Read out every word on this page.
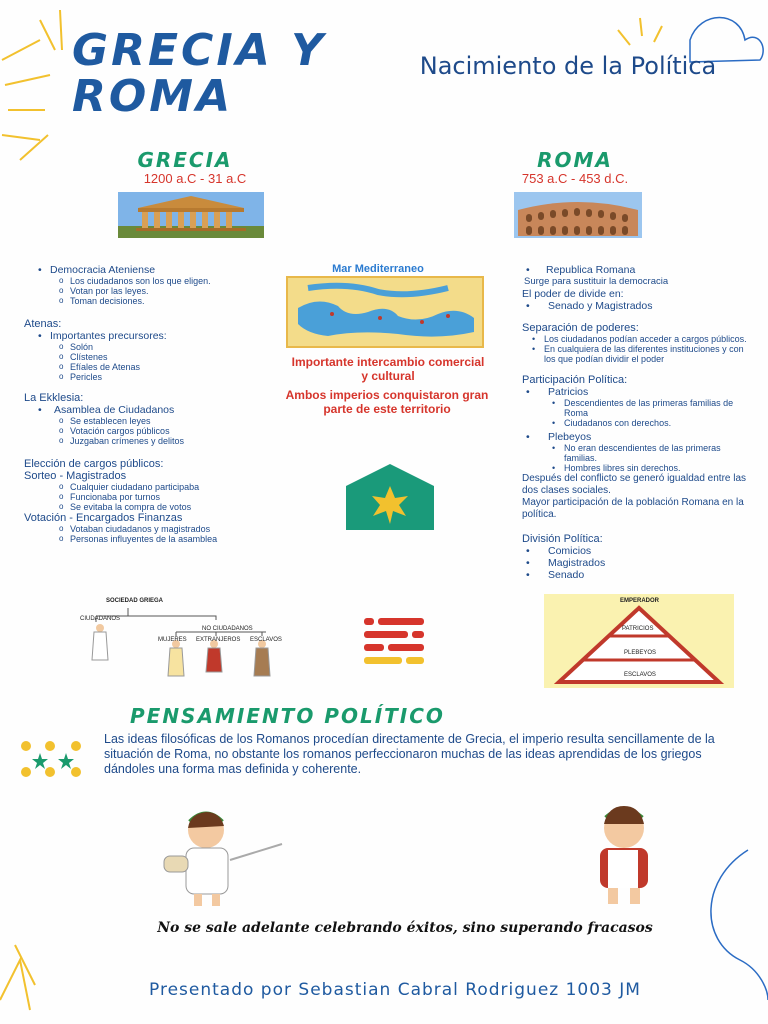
GRECIA Y ROMA
Nacimiento de la Política
GRECIA
1200 a.C - 31 a.C
ROMA
753 a.C - 453 d.C.
• Democracia Ateniense
o Los ciudadanos son los que eligen.
o Votan por las leyes.
o Toman decisiones.
Atenas:
• Importantes precursores:
o Solón
o Clístenes
o Efíales de Atenas
o Pericles
La Ekklesia:
• Asamblea de Ciudadanos
o Se establecen leyes
o Votación cargos públicos
o Juzgaban crímenes y delitos
Elección de cargos públicos:
Sorteo - Magistrados
o Cualquier ciudadano participaba
o Funcionaba por turnos
o Se evitaba la compra de votos
Votación - Encargados Finanzas
o Votaban ciudadanos y magistrados
o Personas influyentes de la asamblea
Mar Mediterraneo
Importante intercambio comercial y cultural
Ambos imperios conquistaron gran parte de este territorio
• Republica Romana
Surge para sustituir la democracia
El poder de divide en:
• Senado y Magistrados
Separación de poderes:
• Los ciudadanos podían acceder a cargos públicos.
• En cualquiera de las diferentes instituciones y con los que podían dividir el poder
Participación Política:
• Patricios
• Descendientes de las primeras familias de Roma
• Ciudadanos con derechos.
• Plebeyos
• No eran descendientes de las primeras familias.
• Hombres libres sin derechos.
Después del conflicto se generó igualdad entre las dos clases sociales.
Mayor participación de la población Romana en la política.
División Política:
• Comicios
• Magistrados
• Senado
SOCIEDAD GRIEGA
CIUDADANOS
NO CIUDADANOS
MUJERES EXTRANJEROS ESCLAVOS
EMPERADOR
PATRICIOS
PLEBEYOS
ESCLAVOS
PENSAMIENTO POLÍTICO
Las ideas filosóficas de los Romanos procedían directamente de Grecia, el imperio resulta sencillamente de la situación de Roma, no obstante los romanos perfeccionaron muchas de las ideas aprendidas de los griegos dándoles una forma mas definida y coherente.
No se sale adelante celebrando éxitos, sino superando fracasos
Presentado por Sebastian Cabral Rodriguez 1003 JM
